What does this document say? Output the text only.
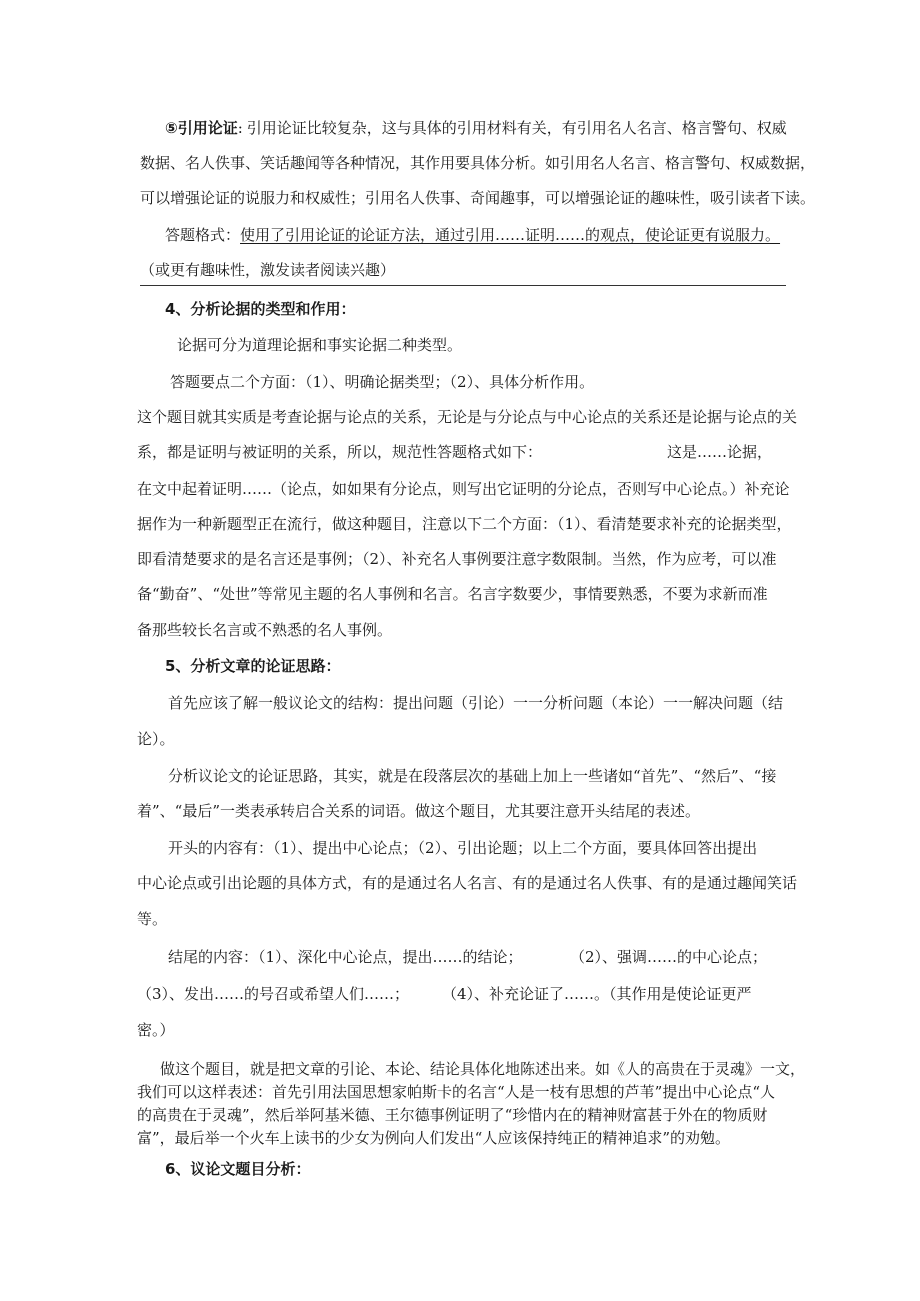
⑤引用论证: 引用论证比较复杂，这与具体的引用材料有关，有引用名人名言、格言警句、权威
数据、名人佚事、笑话趣闻等各种情况，其作用要具体分析。如引用名人名言、格言警句、权威数据，
可以增强论证的说服力和权威性；引用名人佚事、奇闻趣事，可以增强论证的趣味性，吸引读者下读。
答题格式：使用了引用论证的论证方法，通过引用……证明……的观点，使论证更有说服力。
（或更有趣味性，激发读者阅读兴趣）
4、分析论据的类型和作用：
论据可分为道理论据和事实论据二种类型。
答题要点二个方面：（1）、明确论据类型；（2）、具体分析作用。
这个题目就其实质是考查论据与论点的关系，无论是与分论点与中心论点的关系还是论据与论点的关
系，都是证明与被证明的关系，所以，规范性答题格式如下：	这是……论据，
在文中起着证明……（论点，如如果有分论点，则写出它证明的分论点，否则写中心论点。）补充论
据作为一种新题型正在流行，做这种题目，注意以下二个方面：（1）、看清楚要求补充的论据类型，
即看清楚要求的是名言还是事例；（2）、补充名人事例要注意字数限制。当然，作为应考，可以准
备“勤奋”、“处世”等常见主题的名人事例和名言。名言字数要少，事情要熟悉，不要为求新而准
备那些较长名言或不熟悉的名人事例。
5、分析文章的论证思路：
首先应该了解一般议论文的结构：提出问题（引论）一一分析问题（本论）一一解决问题（结
论）。
分析议论文的论证思路，其实，就是在段落层次的基础上加上一些诸如“首先”、“然后”、“接
着”、“最后”一类表承转启合关系的词语。做这个题目，尤其要注意开头结尾的表述。
开头的内容有：（1）、提出中心论点；（2）、引出论题；以上二个方面，要具体回答出提出
中心论点或引出论题的具体方式，有的是通过名人名言、有的是通过名人佚事、有的是通过趣闻笑话
等。
结尾的内容：（1）、深化中心论点，提出……的结论；	（2）、强调……的中心论点；
（3）、发出……的号召或希望人们……； （4）、补充论证了……。（其作用是使论证更严
密。）
做这个题目，就是把文章的引论、本论、结论具体化地陈述出来。如《人的高贵在于灵魂》一文，
我们可以这样表述：首先引用法国思想家帕斯卡的名言“人是一枝有思想的芦苇”提出中心论点“人
的高贵在于灵魂”，然后举阿基米德、王尔德事例证明了“珍惜内在的精神财富甚于外在的物质财
富”，最后举一个火车上读书的少女为例向人们发出“人应该保持纯正的精神追求”的劝勉。
6、议论文题目分析：
